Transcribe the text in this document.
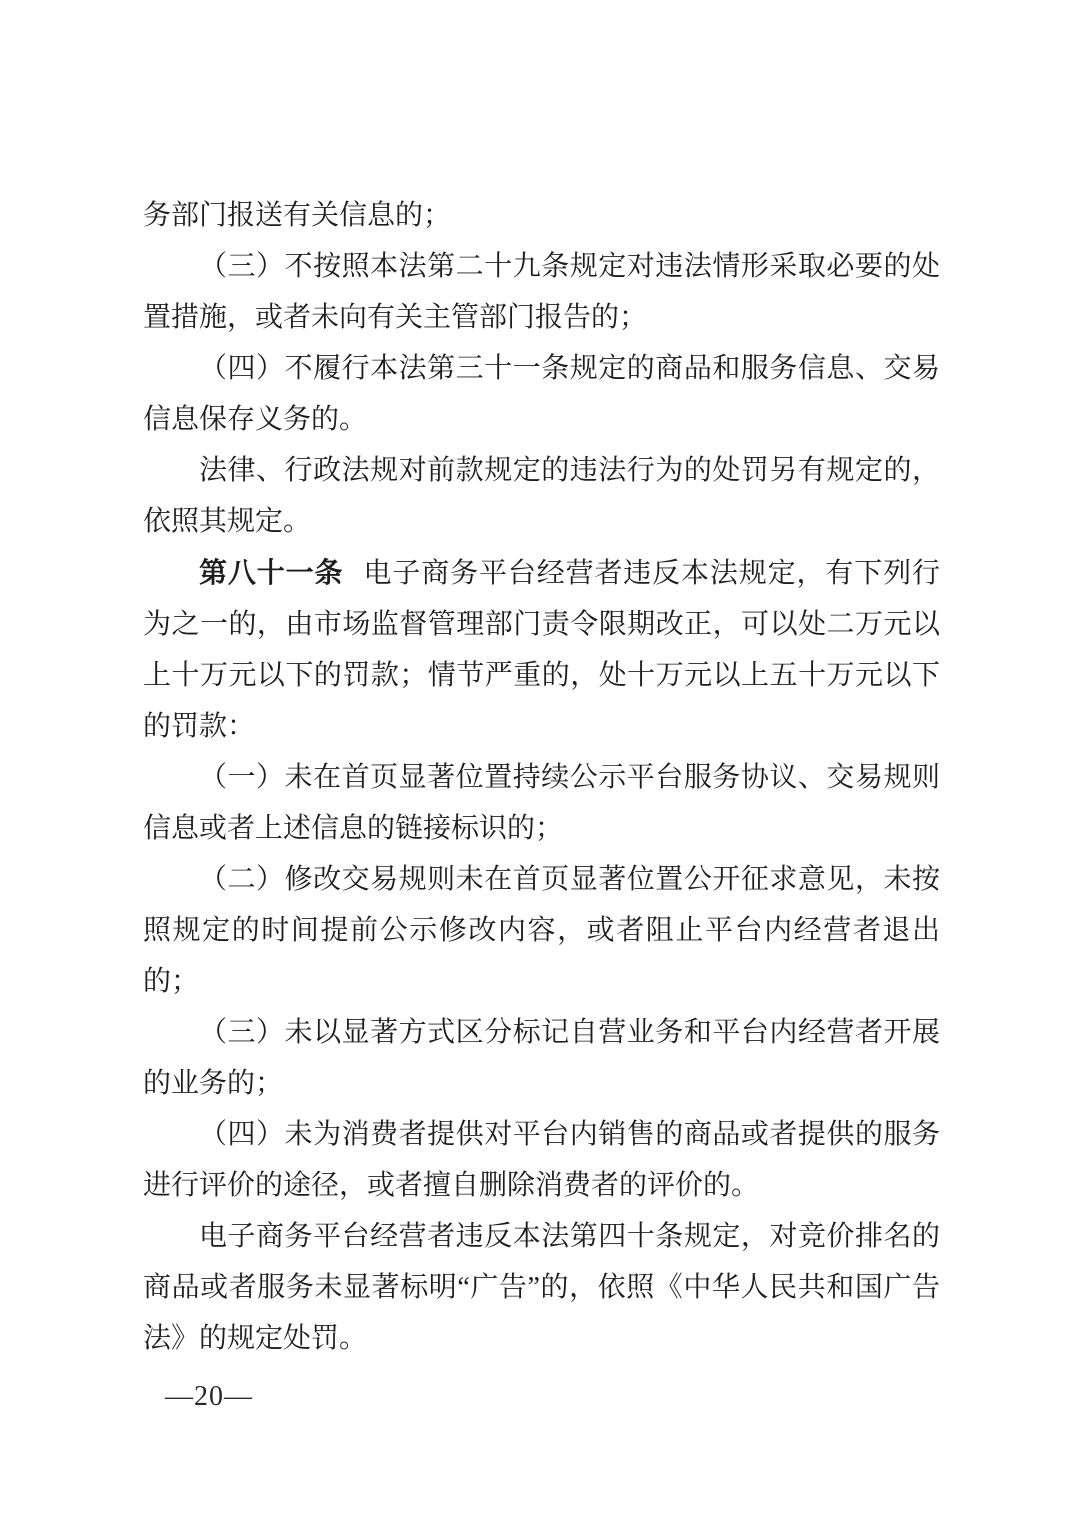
务部门报送有关信息的；

（三）不按照本法第二十九条规定对违法情形采取必要的处置措施，或者未向有关主管部门报告的；

（四）不履行本法第三十一条规定的商品和服务信息、交易信息保存义务的。

法律、行政法规对前款规定的违法行为的处罚另有规定的，依照其规定。

第八十一条 电子商务平台经营者违反本法规定，有下列行为之一的，由市场监督管理部门责令限期改正，可以处二万元以上十万元以下的罚款；情节严重的，处十万元以上五十万元以下的罚款：

（一）未在首页显著位置持续公示平台服务协议、交易规则信息或者上述信息的链接标识的；

（二）修改交易规则未在首页显著位置公开征求意见，未按照规定的时间提前公示修改内容，或者阻止平台内经营者退出的；

（三）未以显著方式区分标记自营业务和平台内经营者开展的业务的；

（四）未为消费者提供对平台内销售的商品或者提供的服务进行评价的途径，或者擅自删除消费者的评价的。

电子商务平台经营者违反本法第四十条规定，对竞价排名的商品或者服务未显著标明“广告”的，依照《中华人民共和国广告法》的规定处罚。

—20—
